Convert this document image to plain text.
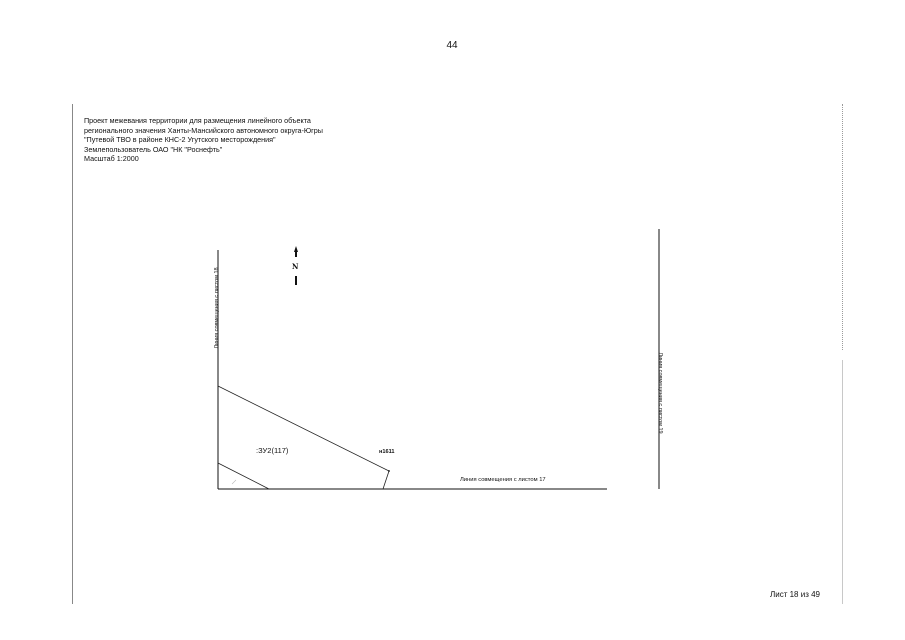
44
Проект межевания территории для размещения линейного объекта
регионального значения Ханты-Мансийского автономного округа-Югры
"Путевой ТВО в районе КНС-2 Угутского месторождения"
Землепользователь ОАО "НК "Роснефть"
Масштаб 1:2000
N
Линия совмещения с листом 18
Линия совмещения с листом 19
Линия совмещения с листом 17
:ЗУ2(117)	н1611
Лист 18 из 49
